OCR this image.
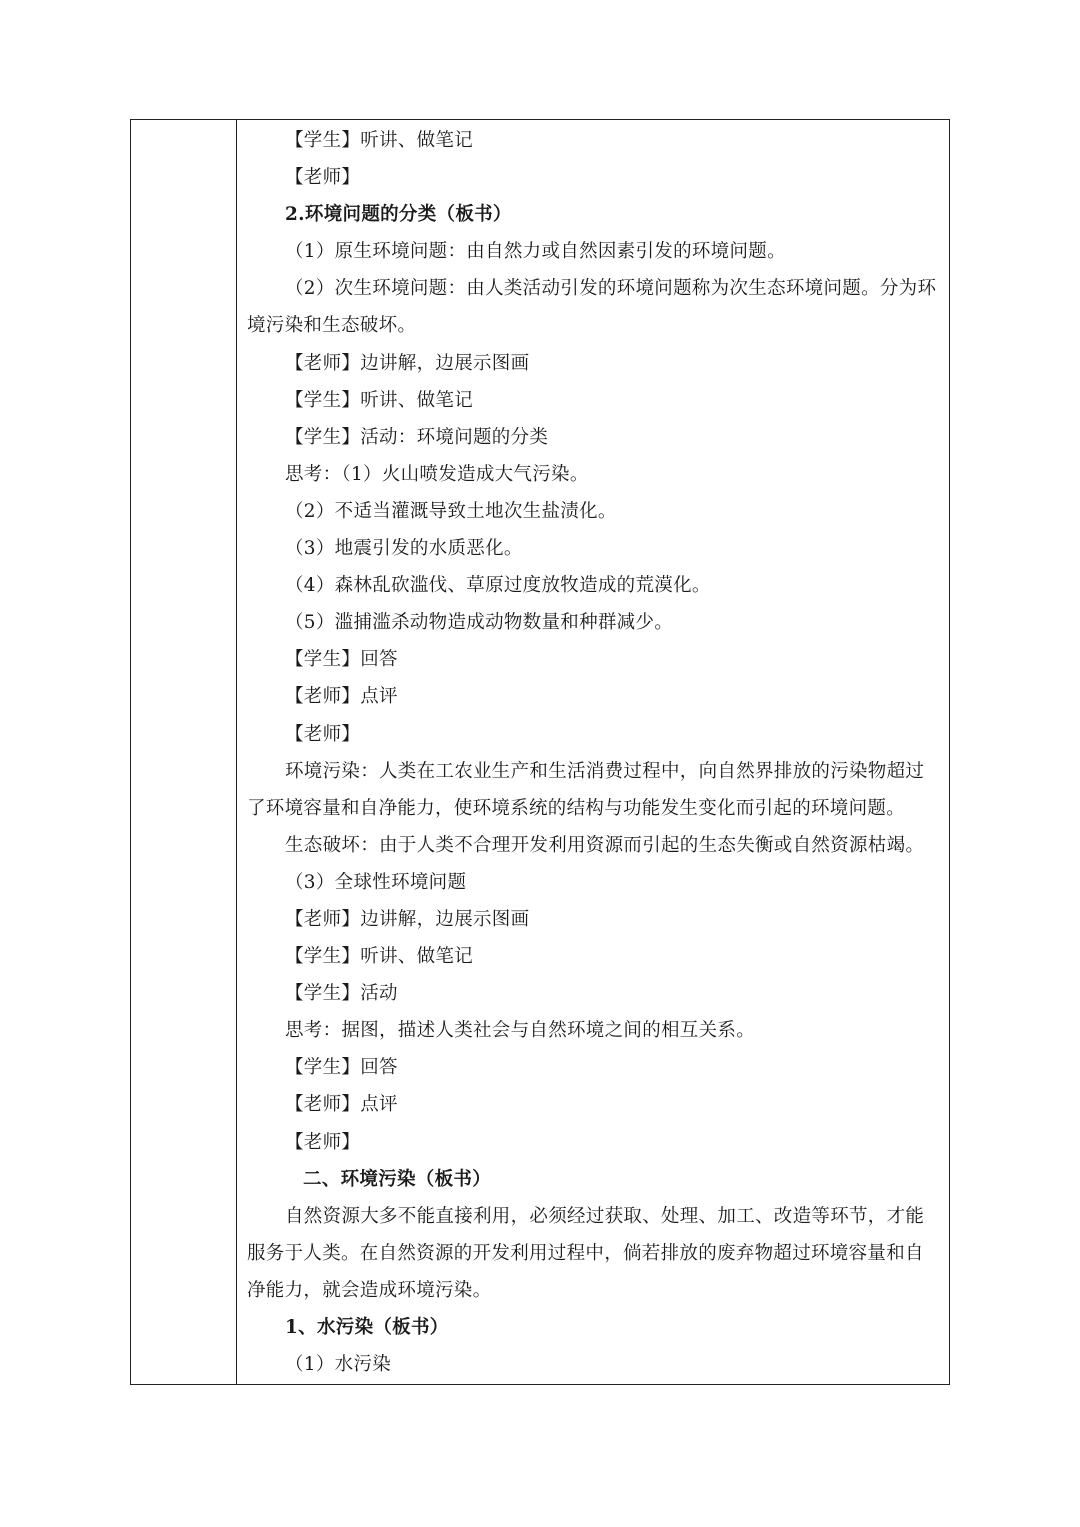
【学生】听讲、做笔记
【老师】
2.环境问题的分类（板书）
（1）原生环境问题：由自然力或自然因素引发的环境问题。
（2）次生环境问题：由人类活动引发的环境问题称为次生态环境问题。分为环
境污染和生态破坏。
【老师】边讲解，边展示图画
【学生】听讲、做笔记
【学生】活动：环境问题的分类
思考：（1）火山喷发造成大气污染。
（2）不适当灌溉导致土地次生盐渍化。
（3）地震引发的水质恶化。
（4）森林乱砍滥伐、草原过度放牧造成的荒漠化。
（5）滥捕滥杀动物造成动物数量和种群减少。
【学生】回答
【老师】点评
【老师】
环境污染：人类在工农业生产和生活消费过程中，向自然界排放的污染物超过
了环境容量和自净能力，使环境系统的结构与功能发生变化而引起的环境问题。
生态破坏：由于人类不合理开发利用资源而引起的生态失衡或自然资源枯竭。
（3）全球性环境问题
【老师】边讲解，边展示图画
【学生】听讲、做笔记
【学生】活动
思考：据图，描述人类社会与自然环境之间的相互关系。
【学生】回答
【老师】点评
【老师】
二、环境污染（板书）
自然资源大多不能直接利用，必须经过获取、处理、加工、改造等环节，才能
服务于人类。在自然资源的开发利用过程中，倘若排放的废弃物超过环境容量和自
净能力，就会造成环境污染。
1、水污染（板书）
（1）水污染
